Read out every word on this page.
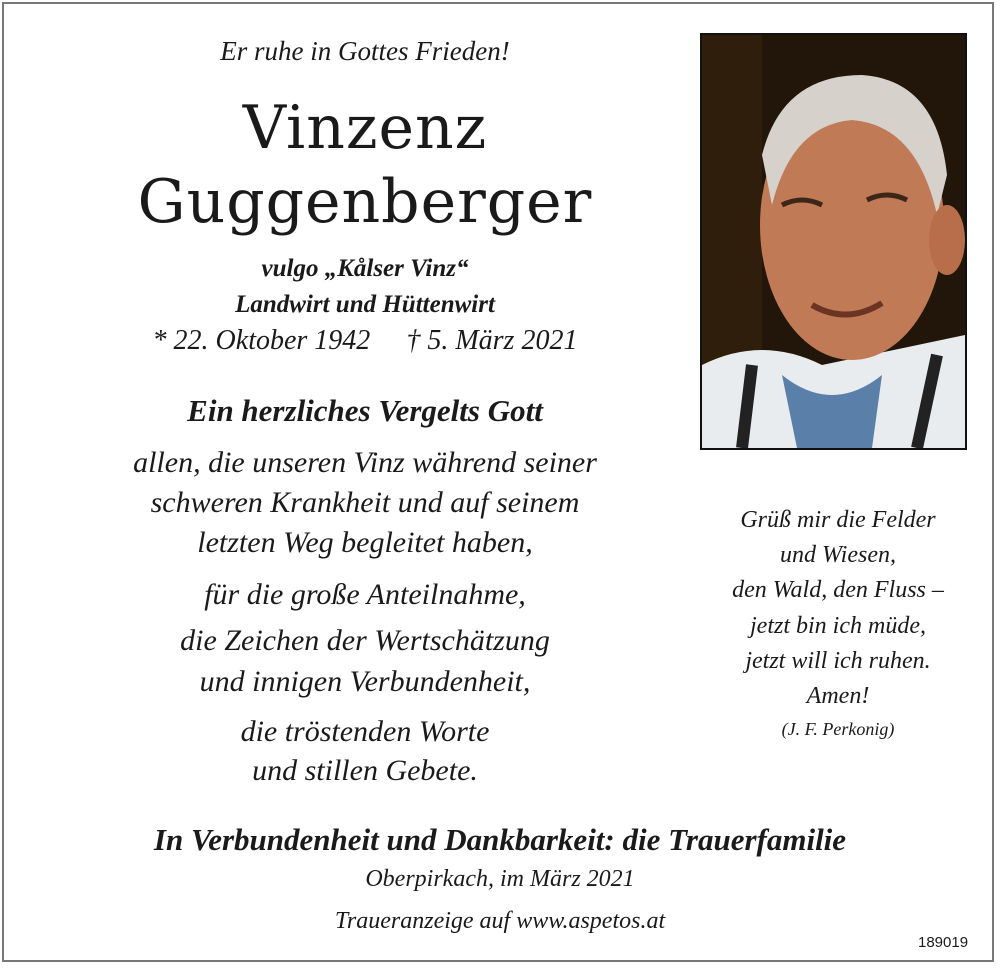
Er ruhe in Gottes Frieden!
Vinzenz
Guggenberger
vulgo „Kålser Vinz“
Landwirt und Hüttenwirt
* 22. Oktober 1942 † 5. März 2021
Ein herzliches Vergelts Gott
allen, die unseren Vinz während seiner
schweren Krankheit und auf seinem
letzten Weg begleitet haben,
für die große Anteilnahme,
die Zeichen der Wertschätzung
und innigen Verbundenheit,
die tröstenden Worte
und stillen Gebete.
Grüß mir die Felder
und Wiesen,
den Wald, den Fluss –
jetzt bin ich müde,
jetzt will ich ruhen.
Amen!
(J. F. Perkonig)
In Verbundenheit und Dankbarkeit: die Trauerfamilie
Oberpirkach, im März 2021
Traueranzeige auf www.aspetos.at
189019
